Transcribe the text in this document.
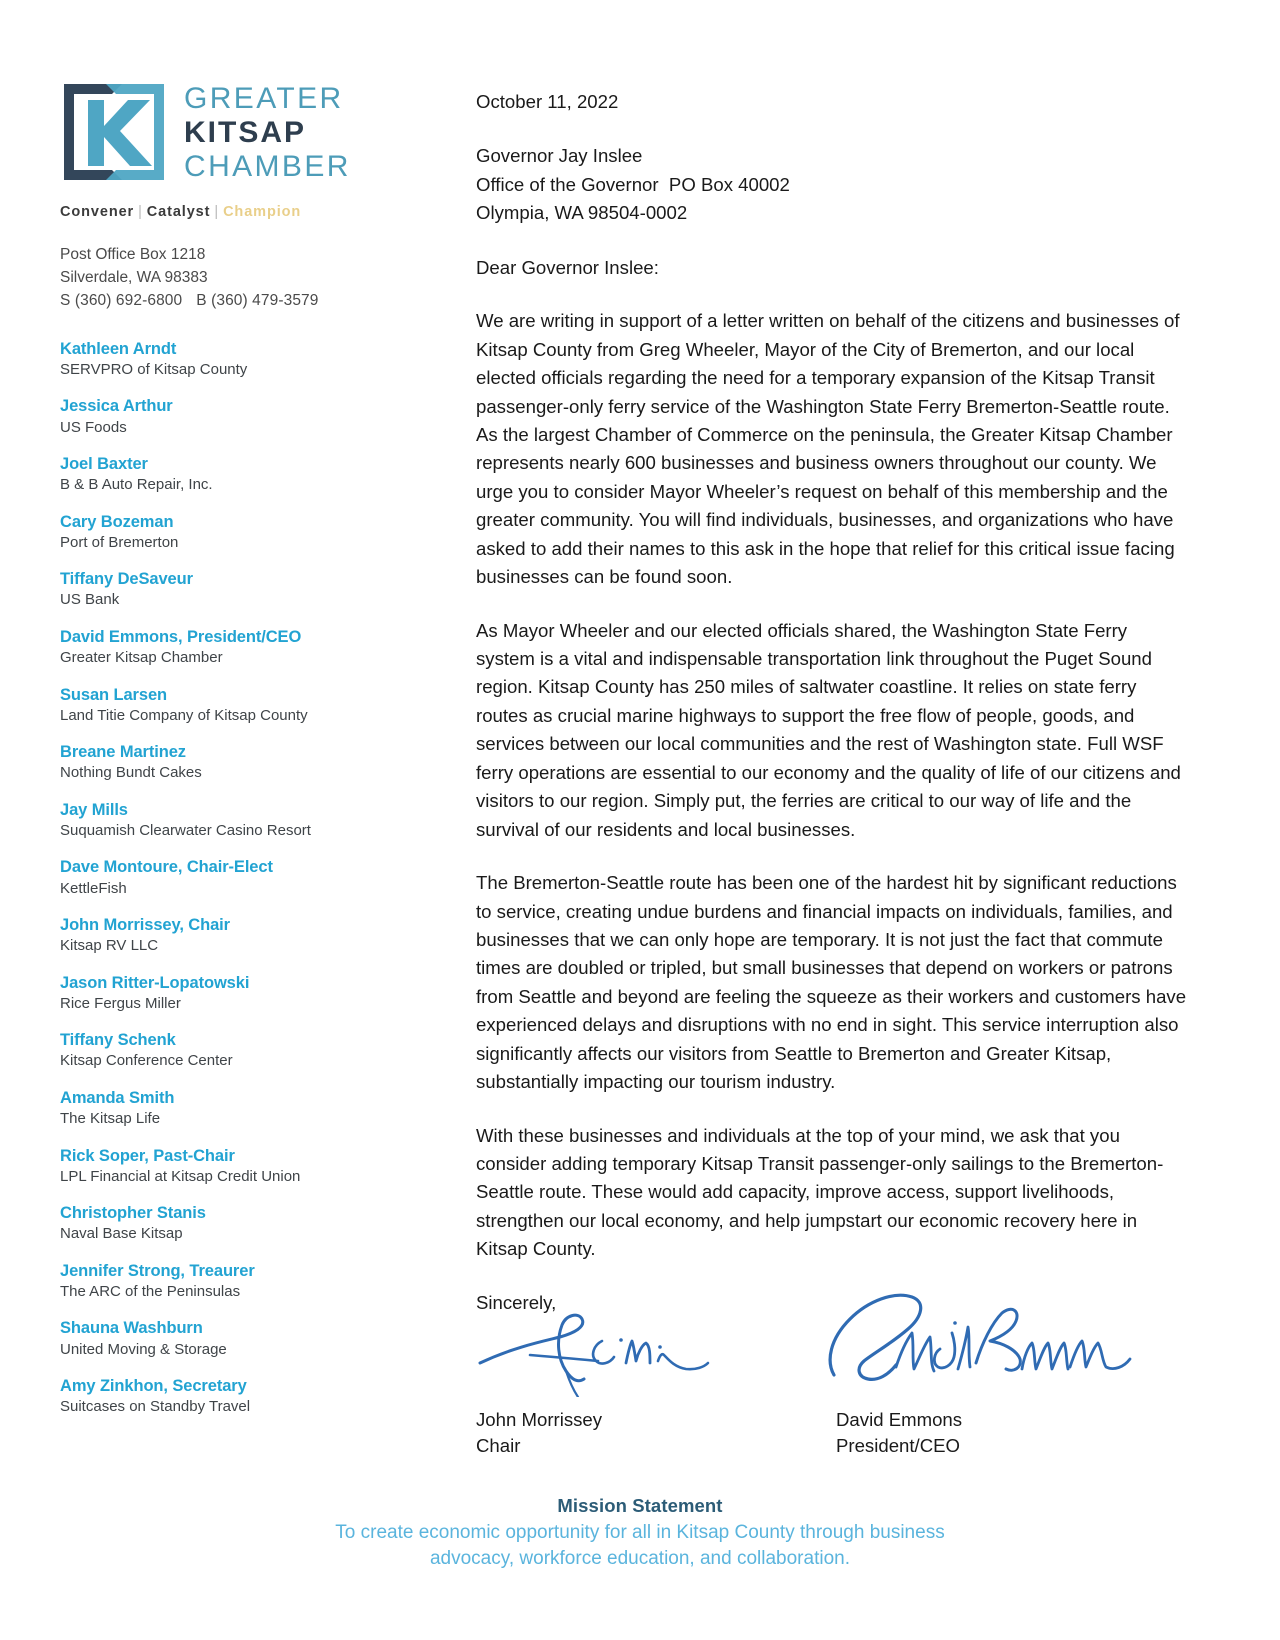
GREATER
KITSAP
CHAMBER
Convener | Catalyst | Champion
Post Office Box 1218
Silverdale, WA 98383
S (360) 692-6800 B (360) 479-3579
Kathleen Arndt
SERVPRO of Kitsap County
Jessica Arthur
US Foods
Joel Baxter
B & B Auto Repair, Inc.
Cary Bozeman
Port of Bremerton
Tiffany DeSaveur
US Bank
David Emmons, President/CEO
Greater Kitsap Chamber
Susan Larsen
Land Titie Company of Kitsap County
Breane Martinez
Nothing Bundt Cakes
Jay Mills
Suquamish Clearwater Casino Resort
Dave Montoure, Chair-Elect
KettleFish
John Morrissey, Chair
Kitsap RV LLC
Jason Ritter-Lopatowski
Rice Fergus Miller
Tiffany Schenk
Kitsap Conference Center
Amanda Smith
The Kitsap Life
Rick Soper, Past-Chair
LPL Financial at Kitsap Credit Union
Christopher Stanis
Naval Base Kitsap
Jennifer Strong, Treaurer
The ARC of the Peninsulas
Shauna Washburn
United Moving & Storage
Amy Zinkhon, Secretary
Suitcases on Standby Travel
October 11, 2022
Governor Jay Inslee
Office of the Governor  PO Box 40002
Olympia, WA 98504-0002
Dear Governor Inslee:

We are writing in support of a letter written on behalf of the citizens and businesses of Kitsap County from Greg Wheeler, Mayor of the City of Bremerton, and our local elected officials regarding the need for a temporary expansion of the Kitsap Transit passenger-only ferry service of the Washington State Ferry Bremerton-Seattle route. As the largest Chamber of Commerce on the peninsula, the Greater Kitsap Chamber represents nearly 600 businesses and business owners throughout our county. We urge you to consider Mayor Wheeler’s request on behalf of this membership and the greater community. You will find individuals, businesses, and organizations who have asked to add their names to this ask in the hope that relief for this critical issue facing businesses can be found soon.

As Mayor Wheeler and our elected officials shared, the Washington State Ferry system is a vital and indispensable transportation link throughout the Puget Sound region. Kitsap County has 250 miles of saltwater coastline. It relies on state ferry routes as crucial marine highways to support the free flow of people, goods, and services between our local communities and the rest of Washington state. Full WSF ferry operations are essential to our economy and the quality of life of our citizens and visitors to our region. Simply put, the ferries are critical to our way of life and the survival of our residents and local businesses.

The Bremerton-Seattle route has been one of the hardest hit by significant reductions to service, creating undue burdens and financial impacts on individuals, families, and businesses that we can only hope are temporary. It is not just the fact that commute times are doubled or tripled, but small businesses that depend on workers or patrons from Seattle and beyond are feeling the squeeze as their workers and customers have experienced delays and disruptions with no end in sight. This service interruption also significantly affects our visitors from Seattle to Bremerton and Greater Kitsap, substantially impacting our tourism industry.

With these businesses and individuals at the top of your mind, we ask that you consider adding temporary Kitsap Transit passenger-only sailings to the Bremerton-Seattle route. These would add capacity, improve access, support livelihoods, strengthen our local economy, and help jumpstart our economic recovery here in Kitsap County.

Sincerely,
John Morrissey
Chair
David Emmons
President/CEO
Mission Statement
To create economic opportunity for all in Kitsap County through business
advocacy, workforce education, and collaboration.
